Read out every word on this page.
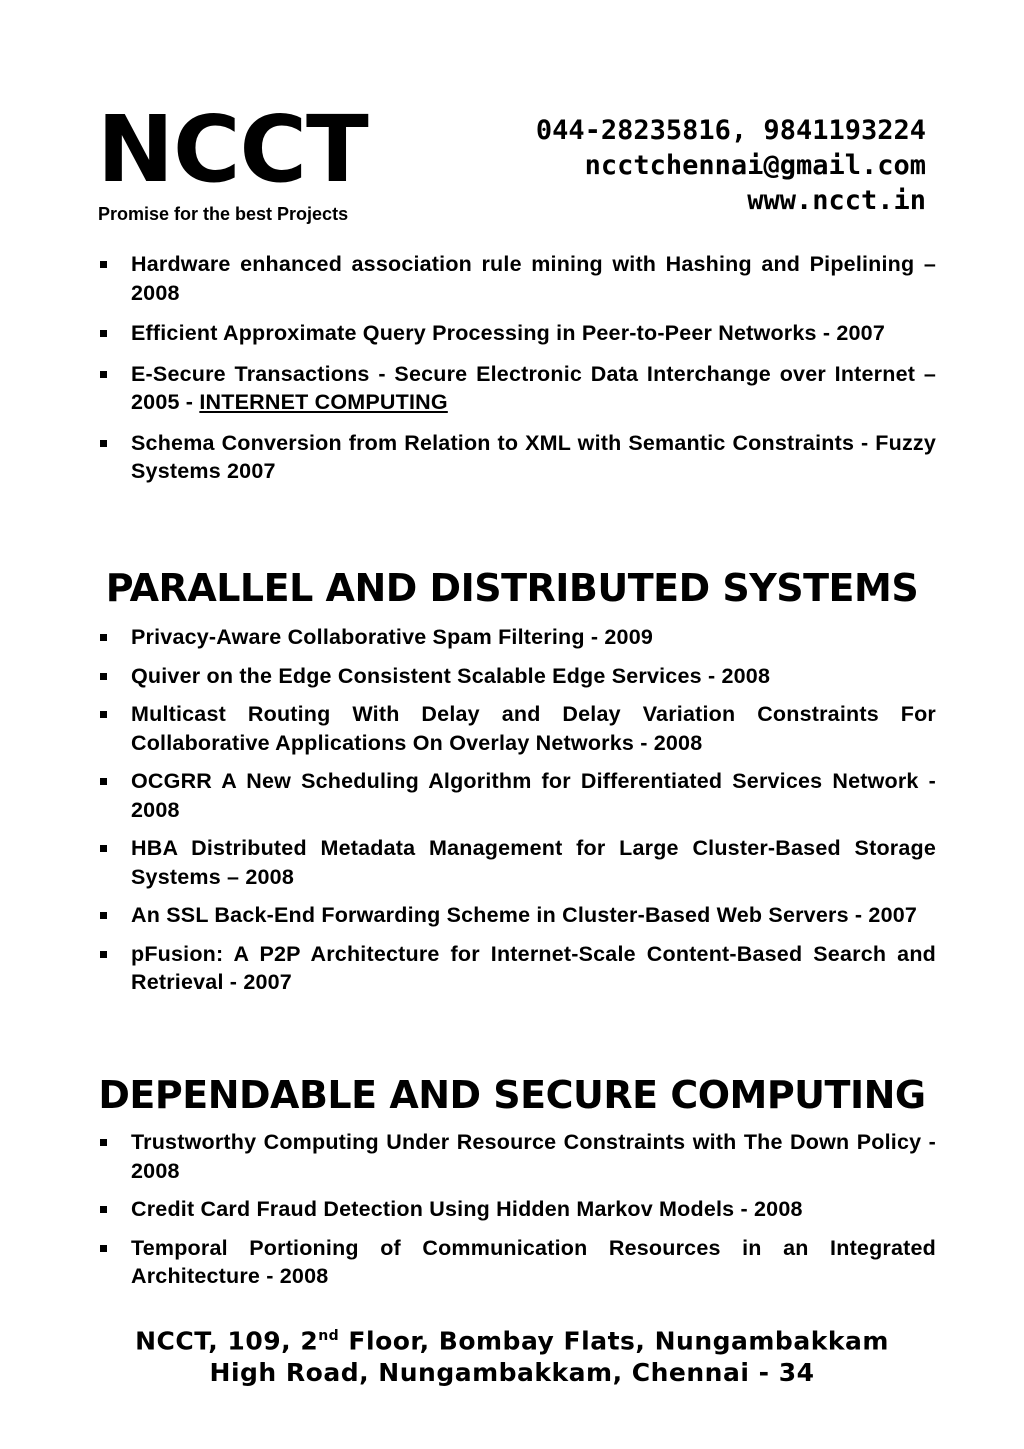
NCCT
Promise for the best Projects
044-28235816, 9841193224
ncctchennai@gmail.com
www.ncct.in
Hardware enhanced association rule mining with Hashing and Pipelining – 2008
Efficient Approximate Query Processing in Peer-to-Peer Networks - 2007
E-Secure Transactions - Secure Electronic Data Interchange over Internet – 2005 - INTERNET COMPUTING
Schema Conversion from Relation to XML with Semantic Constraints - Fuzzy Systems 2007
PARALLEL AND DISTRIBUTED SYSTEMS
Privacy-Aware Collaborative Spam Filtering - 2009
Quiver on the Edge Consistent Scalable Edge Services - 2008
Multicast Routing With Delay and Delay Variation Constraints For Collaborative Applications On Overlay Networks - 2008
OCGRR A New Scheduling Algorithm for Differentiated Services Network - 2008
HBA Distributed Metadata Management for Large Cluster-Based Storage Systems – 2008
An SSL Back-End Forwarding Scheme in Cluster-Based Web Servers - 2007
pFusion: A P2P Architecture for Internet-Scale Content-Based Search and Retrieval - 2007
DEPENDABLE AND SECURE COMPUTING
Trustworthy Computing Under Resource Constraints with The Down Policy - 2008
Credit Card Fraud Detection Using Hidden Markov Models - 2008
Temporal Portioning of Communication Resources in an Integrated Architecture - 2008
NCCT, 109, 2nd Floor, Bombay Flats, Nungambakkam
High Road, Nungambakkam, Chennai - 34
